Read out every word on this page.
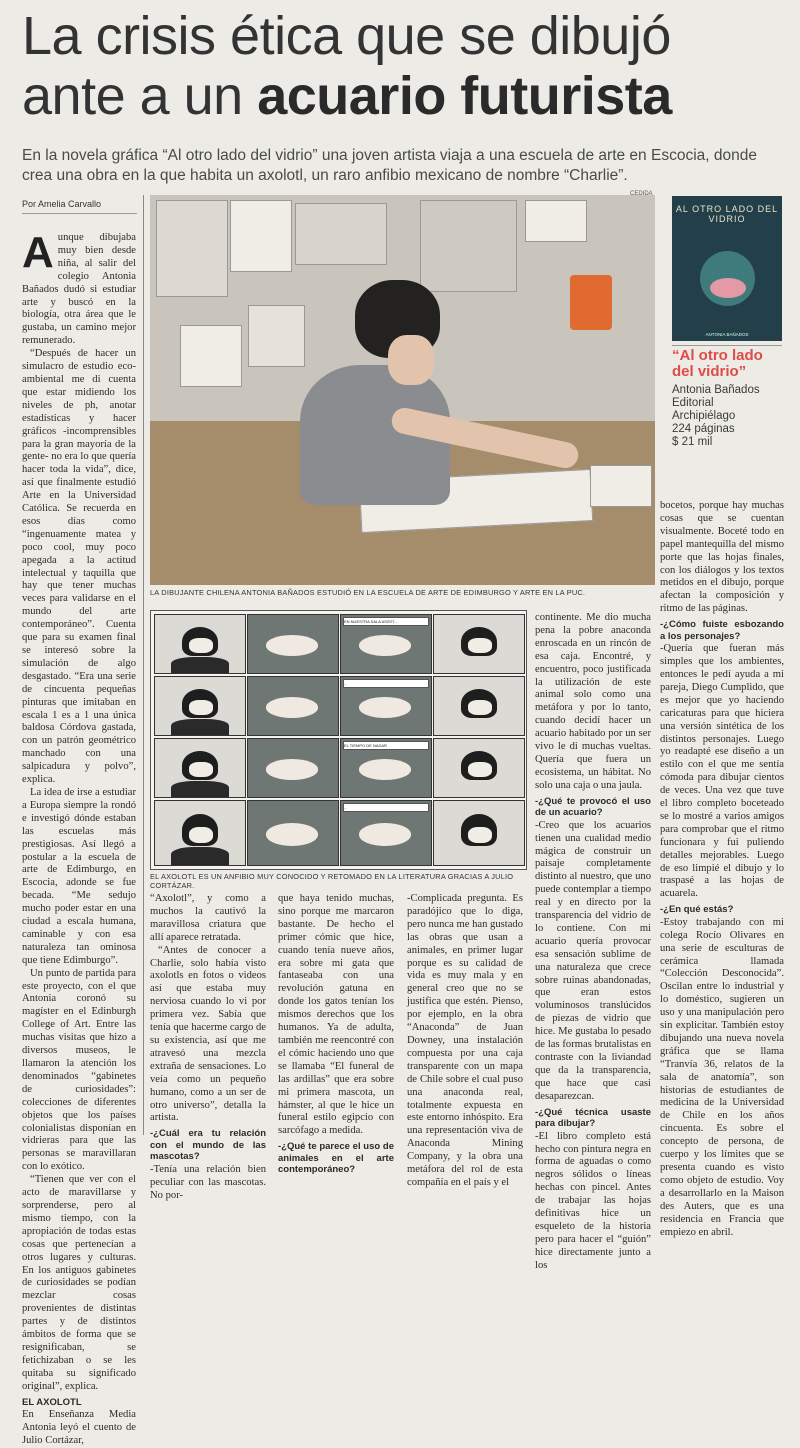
La crisis ética que se dibujó
ante a un acuario futurista
En la novela gráfica “Al otro lado del vidrio” una joven artista viaja a una escuela de arte en Escocia, donde crea una obra en la que habita un axolotl, un raro anfibio mexicano de nombre “Charlie”.
Por Amelia Carvallo
A unque dibujaba muy bien desde niña, al salir del colegio Antonia Bañados dudó si estudiar arte y buscó en la biología, otra área que le gustaba, un camino mejor remunerado.

“Después de hacer un simulacro de estudio eco-ambiental me di cuenta que estar midiendo los niveles de ph, anotar estadísticas y hacer gráficos -incomprensibles para la gran mayoría de la gente- no era lo que quería hacer toda la vida”, dice, así que finalmente estudió Arte en la Universidad Católica. Se recuerda en esos días como “ingenuamente matea y poco cool, muy poco apegada a la actitud intelectual y taquilla que hay que tener muchas veces para validarse en el mundo del arte contemporáneo”. Cuenta que para su examen final se interesó sobre la simulación de algo desgastado. “Era una serie de cincuenta pequeñas pinturas que imitaban en escala 1 es a 1 una única baldosa Córdova gastada, con un patrón geométrico manchado con una salpicadura y polvo”, explica.

La idea de irse a estudiar a Europa siempre la rondó e investigó dónde estaban las escuelas más prestigiosas. Así llegó a postular a la escuela de arte de Edimburgo, en Escocia, adonde se fue becada. “Me sedujo mucho poder estar en una ciudad a escala humana, caminable y con esa naturaleza tan ominosa que tiene Edimburgo”.

Un punto de partida para este proyecto, con el que Antonia coronó su magíster en el Edinburgh College of Art. Entre las muchas visitas que hizo a diversos museos, le llamaron la atención los denominados “gabinetes de curiosidades”: colecciones de diferentes objetos que los países colonialistas disponían en vidrieras para que las personas se maravillaran con lo exótico.

“Tienen que ver con el acto de maravillarse y sorprenderse, pero al mismo tiempo, con la apropiación de todas estas cosas que pertenecían a otros lugares y culturas. En los antiguos gabinetes de curiosidades se podían mezclar cosas provenientes de distintas partes y de distintos ámbitos de forma que se resignificaban, se fetichizaban o se les quitaba su significado original”, explica.

EL AXOLOTL

En Enseñanza Media Antonia leyó el cuento de Julio Cortázar,

CEDIDA
LA DIBUJANTE CHILENA ANTONIA BAÑADOS ESTUDIÓ EN LA ESCUELA DE ARTE DE EDIMBURGO Y ARTE EN LA PUC.
AL OTRO LADO DEL VIDRIO
ANTONIA BAÑADOS
“Al otro lado del vidrio”
Antonia Bañados
Editorial
Archipiélago
224 páginas
$ 21 mil

bocetos, porque hay muchas cosas que se cuentan visualmente. Boceté todo en papel mantequilla del mismo porte que las hojas finales, con los diálogos y los textos metidos en el dibujo, porque afectan la composición y ritmo de las páginas.

-¿Cómo fuiste esbozando a los personajes?

-Quería que fueran más simples que los ambientes, entonces le pedí ayuda a mi pareja, Diego Cumplido, que es mejor que yo haciendo caricaturas para que hiciera una versión sintética de los distintos personajes. Luego yo readapté ese diseño a un estilo con el que me sentía cómoda para dibujar cientos de veces. Una vez que tuve el libro completo boceteado se lo mostré a varios amigos para comprobar que el ritmo funcionara y fui puliendo detalles mejorables. Luego de eso limpié el dibujo y lo traspasé a las hojas de acuarela.

-¿En qué estás?

-Estoy trabajando con mi colega Rocío Olivares en una serie de esculturas de cerámica llamada “Colección Desconocida”. Oscilan entre lo industrial y lo doméstico, sugieren un uso y una manipulación pero sin explicitar. También estoy dibujando una nueva novela gráfica que se llama “Tranvía 36, relatos de la sala de anatomía”, son historias de estudiantes de medicina de la Universidad de Chile en los años cincuenta. Es sobre el concepto de persona, de cuerpo y los límites que se presenta cuando es visto como objeto de estudio. Voy a desarrollarlo en la Maison des Auters, que es una residencia en Francia que empiezo en abril.

EN NUESTRA SALA ASISTÍ...
...
EL TIEMPO DE NADAR
...
EL AXOLOTL ES UN ANFIBIO MUY CONOCIDO Y RETOMADO EN LA LITERATURA GRACIAS A JULIO CORTÁZAR.

continente. Me dio mucha pena la pobre anaconda enroscada en un rincón de esa caja. Encontré, y encuentro, poco justificada la utilización de este animal solo como una metáfora y por lo tanto, cuando decidí hacer un acuario habitado por un ser vivo le di muchas vueltas. Quería que fuera un ecosistema, un hábitat. No solo una caja o una jaula.

-¿Qué te provocó el uso de un acuario?

-Creo que los acuarios tienen una cualidad medio mágica de construir un paisaje completamente distinto al nuestro, que uno puede contemplar a tiempo real y en directo por la transparencia del vidrio de lo contiene. Con mi acuario quería provocar esa sensación sublime de una naturaleza que crece sobre ruinas abandonadas, que eran estos voluminosos translúcidos de piezas de vidrio que hice. Me gustaba lo pesado de las formas brutalistas en contraste con la liviandad que da la transparencia, que hace que casi desaparezcan.

-¿Qué técnica usaste para dibujar?

-El libro completo está hecho con pintura negra en forma de aguadas o como negros sólidos o líneas hechas con pincel. Antes de trabajar las hojas definitivas hice un esqueleto de la historia pero para hacer el “guión” hice directamente junto a los

“Axolotl”, y como a muchos la cautivó la maravillosa criatura que allí aparece retratada.

“Antes de conocer a Charlie, solo había visto axolotls en fotos o videos así que estaba muy nerviosa cuando lo vi por primera vez. Sabía que tenía que hacerme cargo de su existencia, así que me atravesó una mezcla extraña de sensaciones. Lo veía como un pequeño humano, como a un ser de otro universo”, detalla la artista.

-¿Cuál era tu relación con el mundo de las mascotas?

-Tenía una relación bien peculiar con las mascotas. No por-

que haya tenido muchas, sino porque me marcaron bastante. De hecho el primer cómic que hice, cuando tenía nueve años, era sobre mi gata que fantaseaba con una revolución gatuna en donde los gatos tenían los mismos derechos que los humanos. Ya de adulta, también me reencontré con el cómic haciendo uno que se llamaba “El funeral de las ardillas” que era sobre mi primera mascota, un hámster, al que le hice un funeral estilo egipcio con sarcófago a medida.

-¿Qué te parece el uso de animales en el arte contemporáneo?

-Complicada pregunta. Es paradójico que lo diga, pero nunca me han gustado las obras que usan a animales, en primer lugar porque es su calidad de vida es muy mala y en general creo que no se justifica que estén. Pienso, por ejemplo, en la obra “Anaconda” de Juan Downey, una instalación compuesta por una caja transparente con un mapa de Chile sobre el cual puso una anaconda real, totalmente expuesta en este entorno inhóspito. Era una representación viva de Anaconda Mining Company, y la obra una metáfora del rol de esta compañía en el país y el
